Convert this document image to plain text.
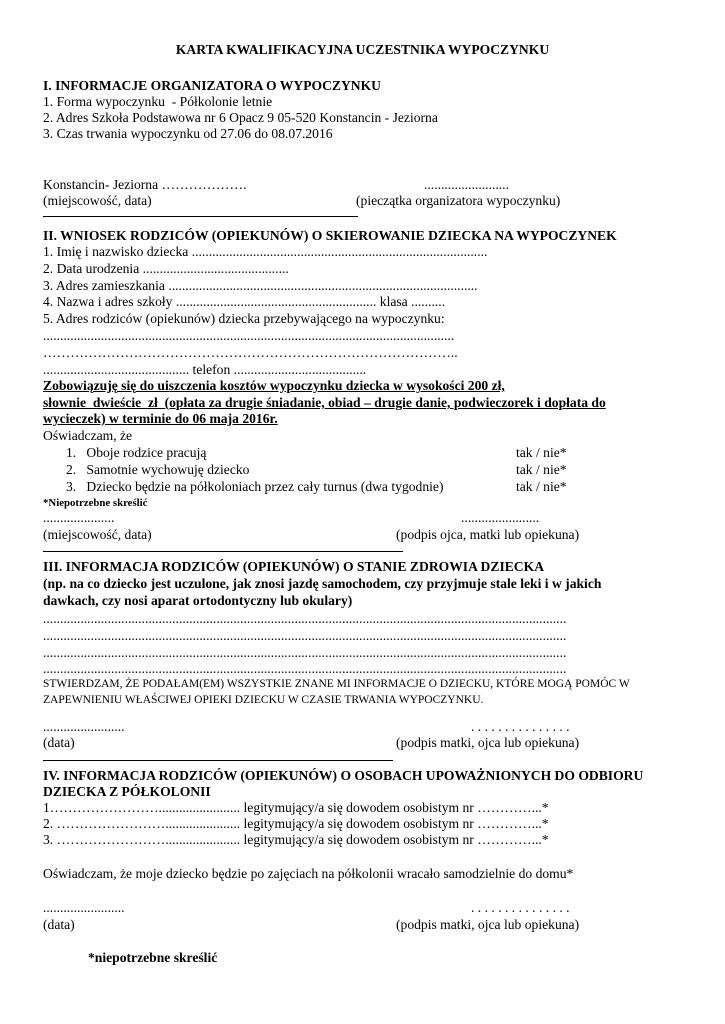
KARTA KWALIFIKACYJNA UCZESTNIKA WYPOCZYNKU
I. INFORMACJE ORGANIZATORA O WYPOCZYNKU
1. Forma wypoczynku  - Półkolonie letnie
2. Adres Szkoła Podstawowa nr 6 Opacz 9 05-520 Konstancin - Jeziorna
3. Czas trwania wypoczynku od 27.06 do 08.07.2016
Konstancin- Jeziorna ……………….	.........................
(miejscowość, data)	(pieczątka organizatora wypoczynku)
II. WNIOSEK RODZICÓW (OPIEKUNÓW) O SKIEROWANIE DZIECKA NA WYPOCZYNEK
1. Imię i nazwisko dziecka .......................................................................................
2. Data urodzenia ...........................................
3. Adres zamieszkania ...........................................................................................
4. Nazwa i adres szkoły ........................................................... klasa ..........
5. Adres rodziców (opiekunów) dziecka przebywającego na wypoczynku:
.........................................................................................................................
………………………………………………………………………………..
........................................... telefon .......................................
Zobowiązuję się do uiszczenia kosztów wypoczynku dziecka w wysokości 200 zł,
słownie  dwieście  zł  (opłata za drugie śniadanie, obiad – drugie danie, podwieczorek i dopłata do
wycieczek) w terminie do 06 maja 2016r.
Oświadczam, że
1.   Oboje rodzice pracują	tak / nie*
2.   Samotnie wychowuję dziecko	tak / nie*
3.   Dziecko będzie na półkoloniach przez cały turnus (dwa tygodnie)	tak / nie*
*Niepotrzebne skreślić
.....................	.......................
(miejscowość, data)	(podpis ojca, matki lub opiekuna)
III. INFORMACJA RODZICÓW (OPIEKUNÓW) O STANIE ZDROWIA DZIECKA
(np. na co dziecko jest uczulone, jak znosi jazdę samochodem, czy przyjmuje stale leki i w jakich
dawkach, czy nosi aparat ortodontyczny lub okulary)
..........................................................................................................................................................
..........................................................................................................................................................
..........................................................................................................................................................
..........................................................................................................................................................
STWIERDZAM, ŻE PODAŁAM(EM) WSZYSTKIE ZNANE MI INFORMACJE O DZIECKU, KTÓRE MOGĄ POMÓC W
ZAPEWNIENIU WŁAŚCIWEJ OPIEKI DZIECKU W CZASIE TRWANIA WYPOCZYNKU.
........................	. . . . . . . . . . . . . . .
(data)	(podpis matki, ojca lub opiekuna)
IV. INFORMACJA RODZICÓW (OPIEKUNÓW) O OSOBACH UPOWAŻNIONYCH DO ODBIORU
DZIECKA Z PÓŁKOLONII
1……………………........................ legitymujący/a się dowodem osobistym nr …………...*
2. ……………………...................... legitymujący/a się dowodem osobistym nr …………...*
3. ……………………...................... legitymujący/a się dowodem osobistym nr …………...*
Oświadczam, że moje dziecko będzie po zajęciach na półkolonii wracało samodzielnie do domu*
........................	. . . . . . . . . . . . . . .
(data)	(podpis matki, ojca lub opiekuna)
*niepotrzebne skreślić
